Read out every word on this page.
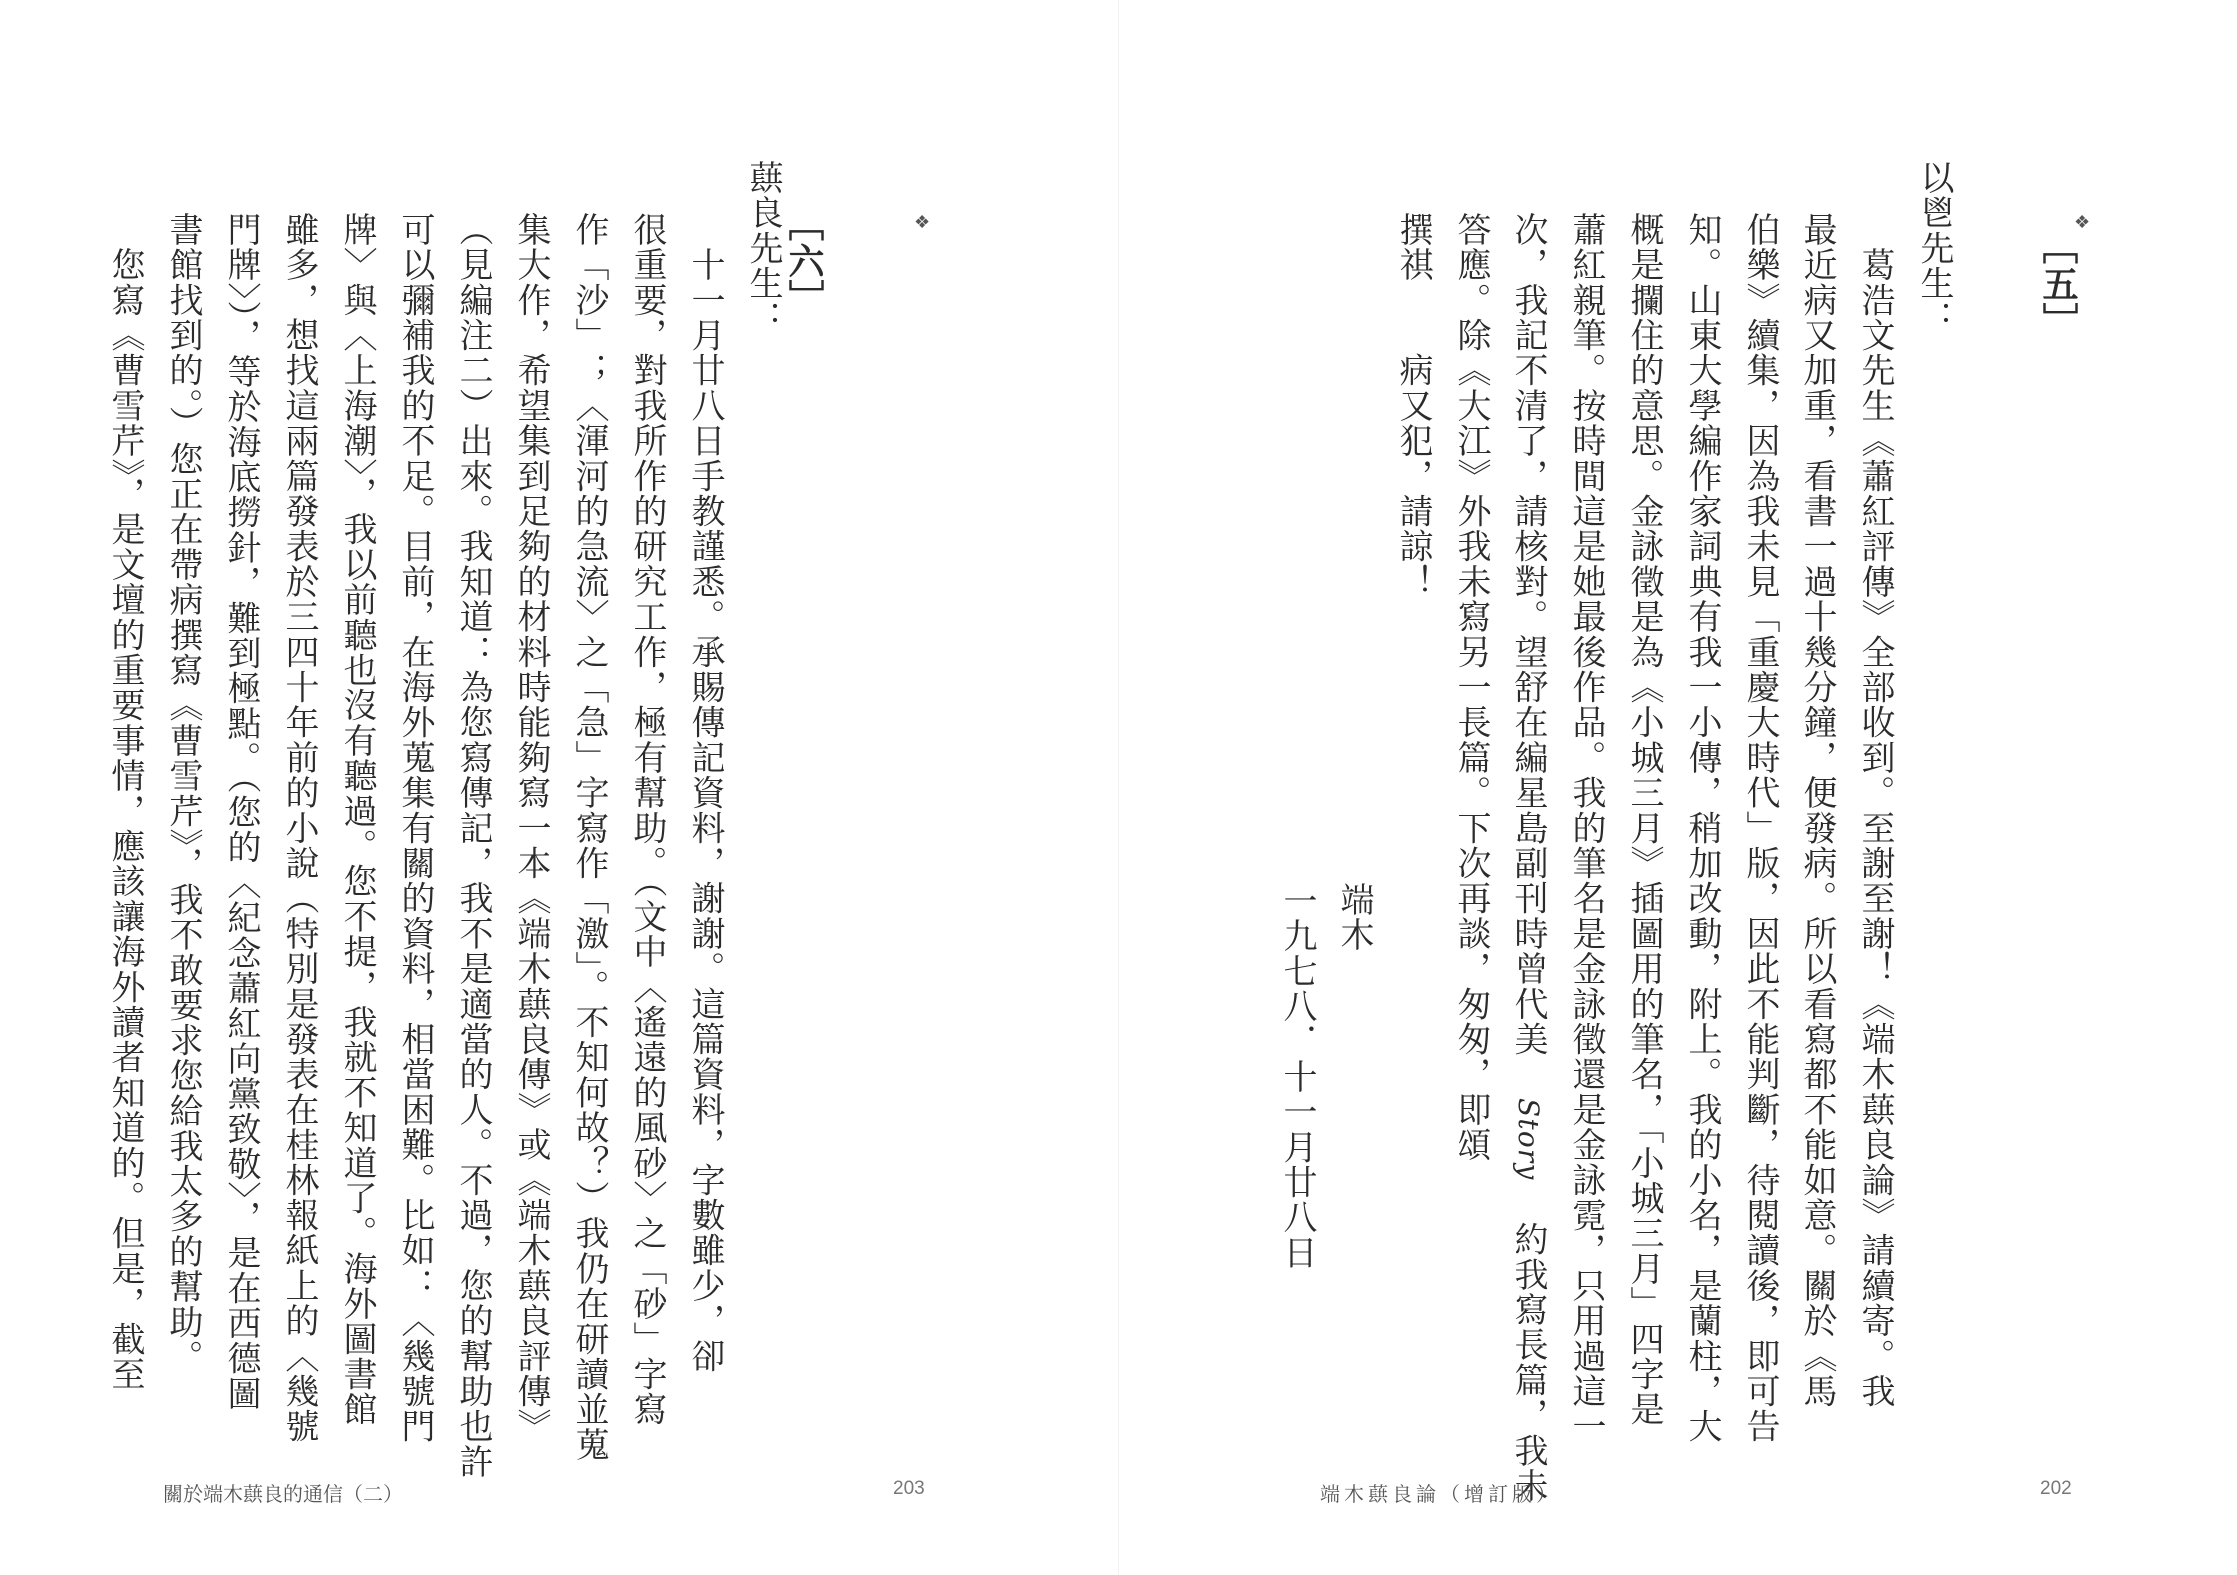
❖
［五］
以鬯先生：
　葛浩文先生《蕭紅評傳》全部收到。至謝至謝！《端木蕻良論》請續寄。我
最近病又加重，看書一過十幾分鐘，便發病。所以看寫都不能如意。關於《馬
伯樂》續集，因為我未見「重慶大時代」版，因此不能判斷，待閱讀後，即可告
知。山東大學編作家詞典有我一小傳，稍加改動，附上。我的小名，是蘭柱，大
概是攔住的意思。金詠徵是為《小城三月》插圖用的筆名，「小城三月」四字是
蕭紅親筆。按時間這是她最後作品。我的筆名是金詠徵還是金詠霓，只用過這一
次，我記不清了，請核對。望舒在編星島副刊時曾代美 Story 約我寫長篇，我未
答應。除《大江》外我未寫另一長篇。下次再談，匆匆，即頌
撰祺　　病又犯，請諒！
端木
一九七八．十一月廿八日
端木蕻良論（增訂版）	202
❖
［六］
蕻良先生：
　十一月廿八日手教謹悉。承賜傳記資料，謝謝。這篇資料，字數雖少，卻
很重要，對我所作的研究工作，極有幫助。（文中〈遙遠的風砂〉之「砂」字寫
作「沙」；〈渾河的急流〉之「急」字寫作「激」。不知何故？）我仍在研讀並蒐
集大作，希望集到足夠的材料時能夠寫一本《端木蕻良傳》或《端木蕻良評傳》
（見編注二）出來。我知道：為您寫傳記，我不是適當的人。不過，您的幫助也許
可以彌補我的不足。目前，在海外蒐集有關的資料，相當困難。比如：〈幾號門
牌〉與〈上海潮〉，我以前聽也沒有聽過。您不提，我就不知道了。海外圖書館
雖多，想找這兩篇發表於三四十年前的小說（特別是發表在桂林報紙上的〈幾號
門牌〉），等於海底撈針，難到極點。（您的〈紀念蕭紅向黨致敬〉，是在西德圖
書館找到的。）您正在帶病撰寫《曹雪芹》，我不敢要求您給我太多的幫助。
　您寫《曹雪芹》，是文壇的重要事情，應該讓海外讀者知道的。但是，截至
關於端木蕻良的通信（二）	203
